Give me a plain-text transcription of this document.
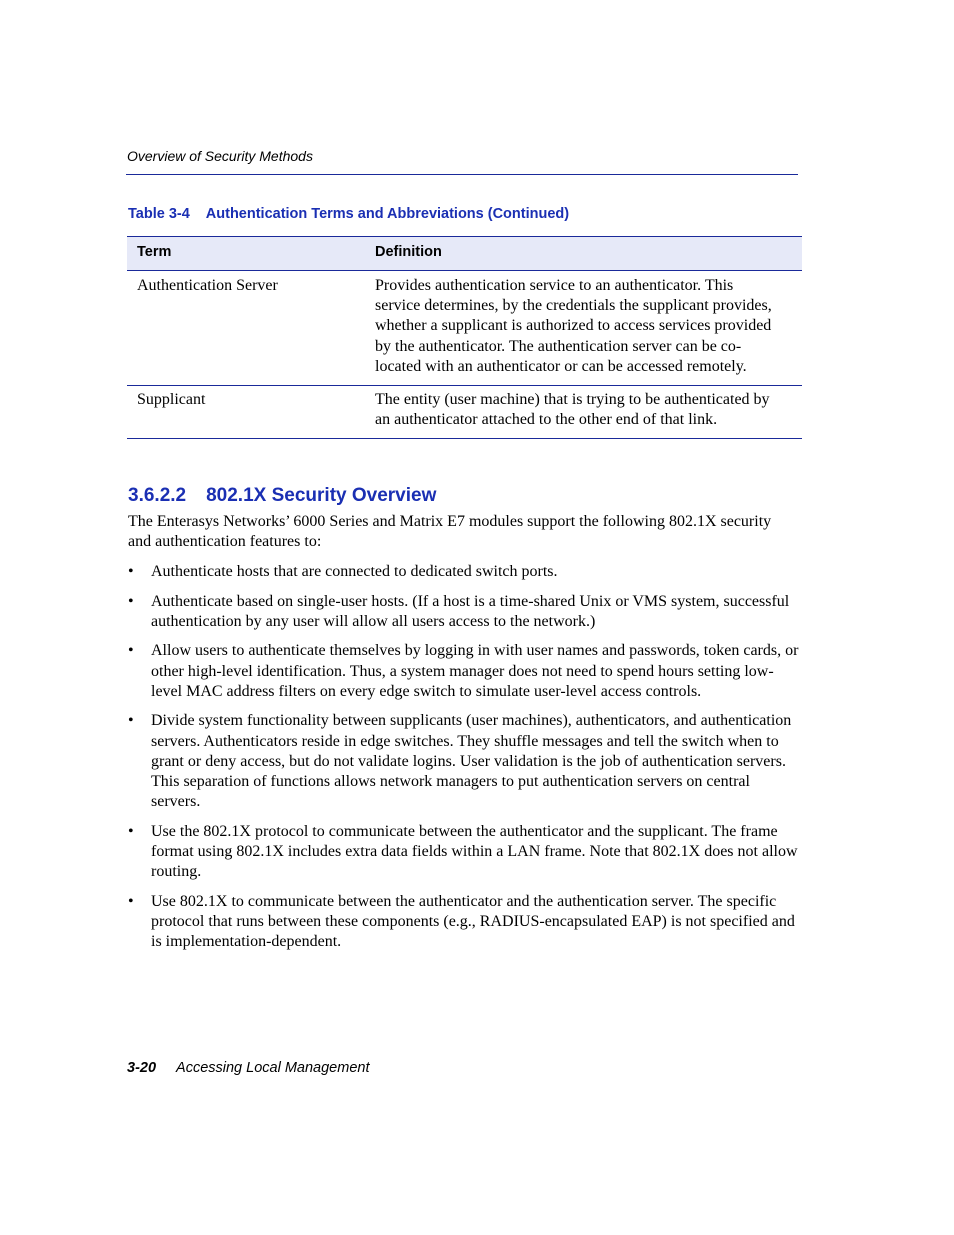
Overview of Security Methods
Table 3-4 Authentication Terms and Abbreviations (Continued)
Term	Definition
Authentication Server	Provides authentication service to an authenticator. This service determines, by the credentials the supplicant provides, whether a supplicant is authorized to access services provided by the authenticator. The authentication server can be co-located with an authenticator or can be accessed remotely.
Supplicant	The entity (user machine) that is trying to be authenticated by an authenticator attached to the other end of that link.
3.6.2.2 802.1X Security Overview

The Enterasys Networks’ 6000 Series and Matrix E7 modules support the following 802.1X security and authentication features to:

• Authenticate hosts that are connected to dedicated switch ports.
• Authenticate based on single-user hosts. (If a host is a time-shared Unix or VMS system, successful authentication by any user will allow all users access to the network.)
• Allow users to authenticate themselves by logging in with user names and passwords, token cards, or other high-level identification. Thus, a system manager does not need to spend hours setting low-level MAC address filters on every edge switch to simulate user-level access controls.
• Divide system functionality between supplicants (user machines), authenticators, and authentication servers. Authenticators reside in edge switches. They shuffle messages and tell the switch when to grant or deny access, but do not validate logins. User validation is the job of authentication servers. This separation of functions allows network managers to put authentication servers on central servers.
• Use the 802.1X protocol to communicate between the authenticator and the supplicant. The frame format using 802.1X includes extra data fields within a LAN frame. Note that 802.1X does not allow routing.
• Use 802.1X to communicate between the authenticator and the authentication server. The specific protocol that runs between these components (e.g., RADIUS-encapsulated EAP) is not specified and is implementation-dependent.
3-20 Accessing Local Management
